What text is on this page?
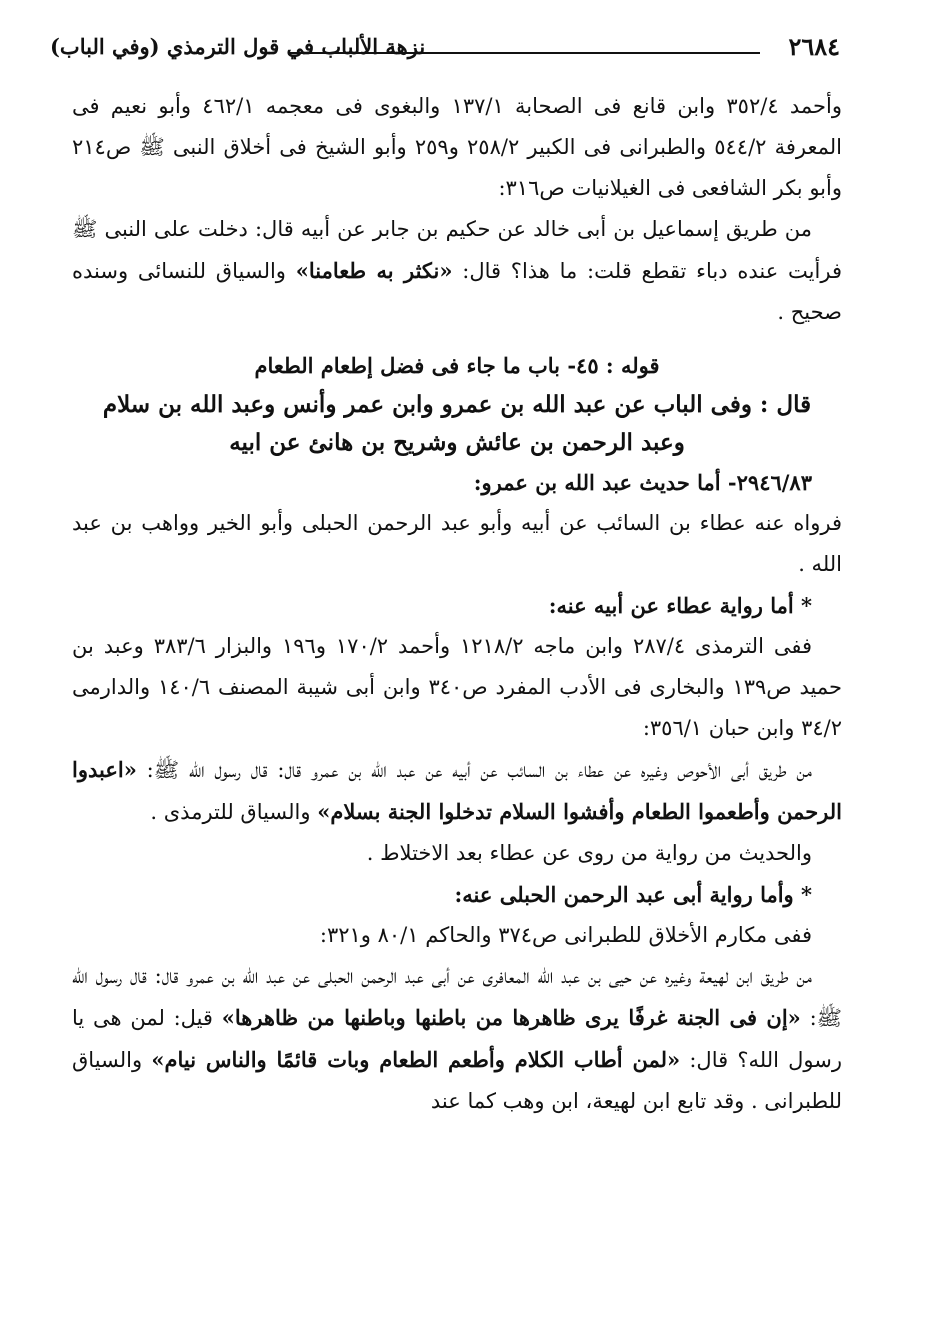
٢٦٨٤
نزهة الألباب في قول الترمذي (وفي الباب)

وأحمد ٣٥٢/٤ وابن قانع فى الصحابة ١٣٧/١ والبغوى فى معجمه ٤٦٢/١ وأبو نعيم فى المعرفة ٥٤٤/٢ والطبرانى فى الكبير ٢٥٨/٢ و٢٥٩ وأبو الشيخ فى أخلاق النبى ﷺ ص٢١٤ وأبو بكر الشافعى فى الغيلانيات ص٣١٦:

من طريق إسماعيل بن أبى خالد عن حكيم بن جابر عن أبيه قال: دخلت على النبى ﷺ فرأيت عنده دباء تقطع قلت: ما هذا؟ قال: «نكثر به طعامنا» والسياق للنسائى وسنده صحيح .

قوله : ٤٥- باب ما جاء فى فضل إطعام الطعام

قال : وفى الباب عن عبد الله بن عمرو وابن عمر وأنس وعبد الله بن سلام

وعبد الرحمن بن عائش وشريح بن هانئ عن ابيه

٢٩٤٦/٨٣- أما حديث عبد الله بن عمرو:

فرواه عنه عطاء بن السائب عن أبيه وأبو عبد الرحمن الحبلى وأبو الخير وواهب بن عبد الله .

* أما رواية عطاء عن أبيه عنه:

ففى الترمذى ٢٨٧/٤ وابن ماجه ١٢١٨/٢ وأحمد ١٧٠/٢ و١٩٦ والبزار ٣٨٣/٦ وعبد بن حميد ص١٣٩ والبخارى فى الأدب المفرد ص٣٤٠ وابن أبى شيبة المصنف ١٤٠/٦ والدارمى ٣٤/٢ وابن حبان ٣٥٦/١:

من طريق أبى الأحوص وغيره عن عطاء بن السائب عن أبيه عن عبد الله بن عمرو قال: قال رسول الله ﷺ: «اعبدوا الرحمن وأطعموا الطعام وأفشوا السلام تدخلوا الجنة بسلام» والسياق للترمذى .

والحديث من رواية من روى عن عطاء بعد الاختلاط .

* وأما رواية أبى عبد الرحمن الحبلى عنه:

ففى مكارم الأخلاق للطبرانى ص٣٧٤ والحاكم ٨٠/١ و٣٢١:

من طريق ابن لهيعة وغيره عن حيى بن عبد الله المعافرى عن أبى عبد الرحمن الحبلى عن عبد الله بن عمرو قال: قال رسول الله ﷺ: «إن فى الجنة غرفًا يرى ظاهرها من باطنها وباطنها من ظاهرها» قيل: لمن هى يا رسول الله؟ قال: «لمن أطاب الكلام وأطعم الطعام وبات قائمًا والناس نيام» والسياق للطبرانى . وقد تابع ابن لهيعة، ابن وهب كما عند
